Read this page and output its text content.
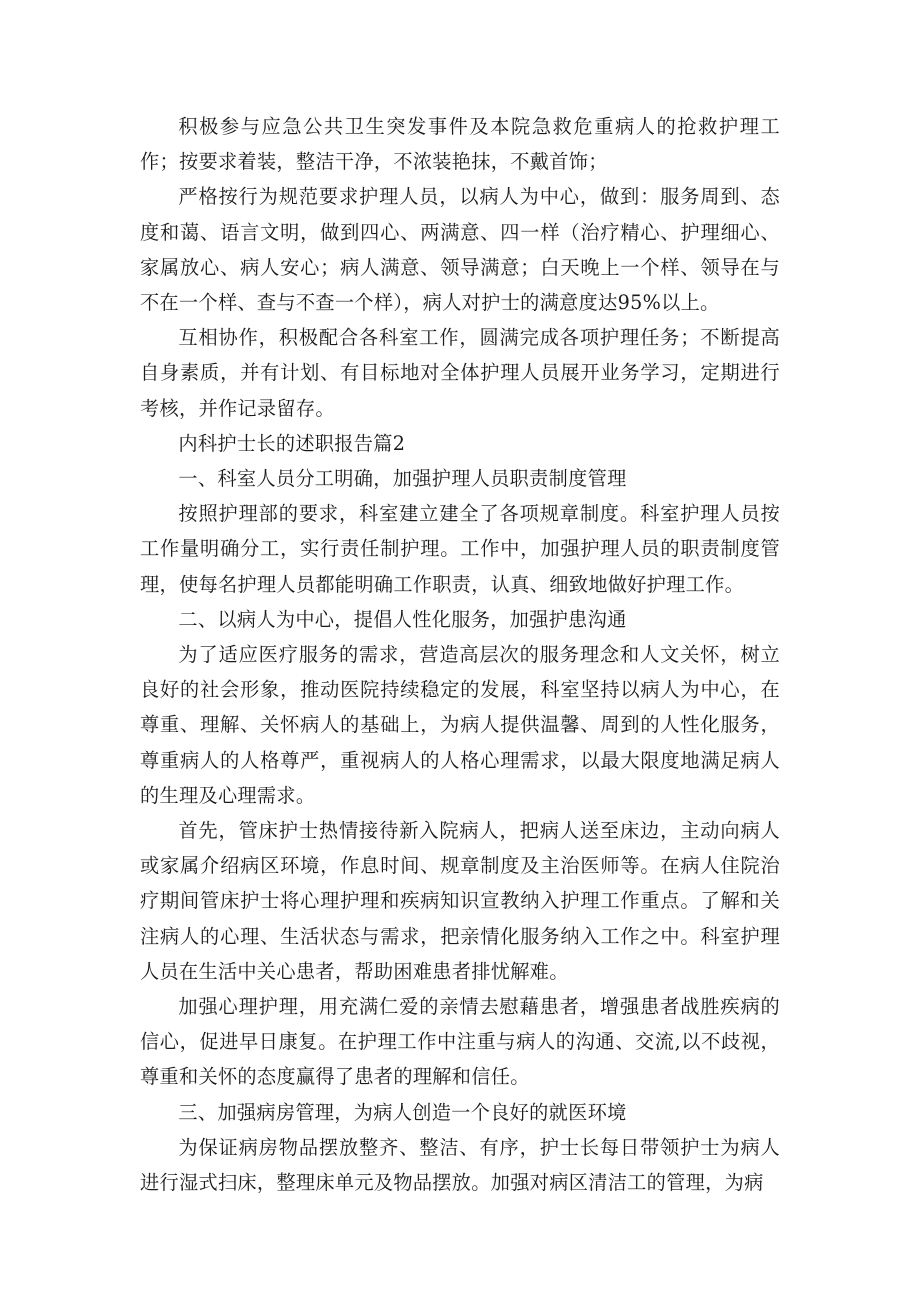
积极参与应急公共卫生突发事件及本院急救危重病人的抢救护理工作；按要求着装，整洁干净，不浓装艳抹，不戴首饰；

严格按行为规范要求护理人员，以病人为中心，做到：服务周到、态度和蔼、语言文明，做到四心、两满意、四一样（治疗精心、护理细心、家属放心、病人安心；病人满意、领导满意；白天晚上一个样、领导在与不在一个样、查与不查一个样），病人对护士的满意度达95%以上。

互相协作，积极配合各科室工作，圆满完成各项护理任务；不断提高自身素质，并有计划、有目标地对全体护理人员展开业务学习，定期进行考核，并作记录留存。

内科护士长的述职报告篇2

一、科室人员分工明确，加强护理人员职责制度管理

按照护理部的要求，科室建立建全了各项规章制度。科室护理人员按工作量明确分工，实行责任制护理。工作中，加强护理人员的职责制度管理，使每名护理人员都能明确工作职责，认真、细致地做好护理工作。

二、以病人为中心，提倡人性化服务，加强护患沟通

为了适应医疗服务的需求，营造高层次的服务理念和人文关怀，树立良好的社会形象，推动医院持续稳定的发展，科室坚持以病人为中心，在尊重、理解、关怀病人的基础上，为病人提供温馨、周到的人性化服务，尊重病人的人格尊严，重视病人的人格心理需求，以最大限度地满足病人的生理及心理需求。

首先，管床护士热情接待新入院病人，把病人送至床边，主动向病人或家属介绍病区环境，作息时间、规章制度及主治医师等。在病人住院治疗期间管床护士将心理护理和疾病知识宣教纳入护理工作重点。了解和关注病人的心理、生活状态与需求，把亲情化服务纳入工作之中。科室护理人员在生活中关心患者，帮助困难患者排忧解难。

加强心理护理，用充满仁爱的亲情去慰藉患者，增强患者战胜疾病的信心，促进早日康复。在护理工作中注重与病人的沟通、交流,以不歧视，尊重和关怀的态度赢得了患者的理解和信任。

三、加强病房管理，为病人创造一个良好的就医环境

为保证病房物品摆放整齐、整洁、有序，护士长每日带领护士为病人进行湿式扫床，整理床单元及物品摆放。加强对病区清洁工的管理，为病
